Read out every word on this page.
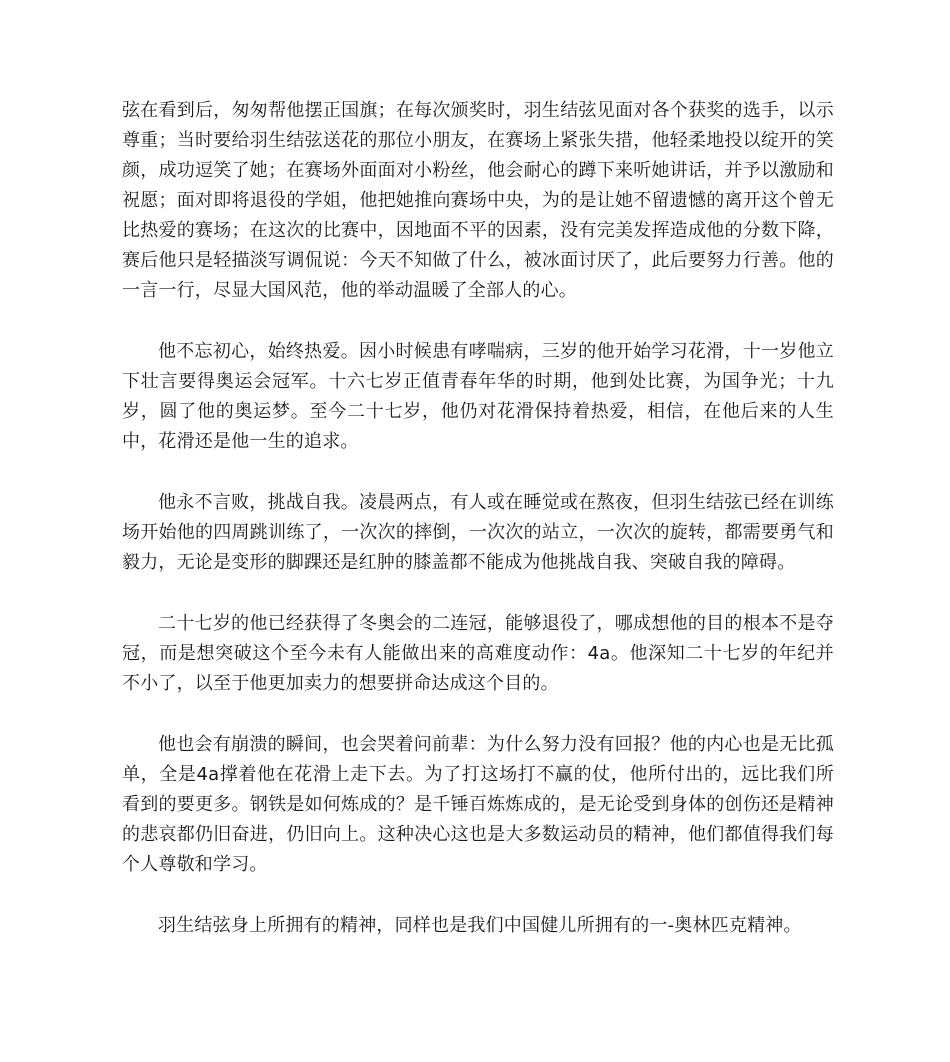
弦在看到后，匆匆帮他摆正国旗；在每次颁奖时，羽生结弦见面对各个获奖的选手，以示尊重；当时要给羽生结弦送花的那位小朋友，在赛场上紧张失措，他轻柔地投以绽开的笑颜，成功逗笑了她；在赛场外面面对小粉丝，他会耐心的蹲下来听她讲话，并予以激励和祝愿；面对即将退役的学姐，他把她推向赛场中央，为的是让她不留遗憾的离开这个曾无比热爱的赛场；在这次的比赛中，因地面不平的因素，没有完美发挥造成他的分数下降，赛后他只是轻描淡写调侃说：今天不知做了什么，被冰面讨厌了，此后要努力行善。他的一言一行，尽显大国风范，他的举动温暖了全部人的心。

他不忘初心，始终热爱。因小时候患有哮喘病，三岁的他开始学习花滑，十一岁他立下壮言要得奥运会冠军。十六七岁正值青春年华的时期，他到处比赛，为国争光；十九岁，圆了他的奥运梦。至今二十七岁，他仍对花滑保持着热爱，相信，在他后来的人生中，花滑还是他一生的追求。

他永不言败，挑战自我。凌晨两点，有人或在睡觉或在熬夜，但羽生结弦已经在训练场开始他的四周跳训练了，一次次的摔倒，一次次的站立，一次次的旋转，都需要勇气和毅力，无论是变形的脚踝还是红肿的膝盖都不能成为他挑战自我、突破自我的障碍。

二十七岁的他已经获得了冬奥会的二连冠，能够退役了，哪成想他的目的根本不是夺冠，而是想突破这个至今未有人能做出来的高难度动作：4a。他深知二十七岁的年纪并不小了，以至于他更加卖力的想要拼命达成这个目的。

他也会有崩溃的瞬间，也会哭着问前辈：为什么努力没有回报？他的内心也是无比孤单，全是4a撑着他在花滑上走下去。为了打这场打不赢的仗，他所付出的，远比我们所看到的要更多。钢铁是如何炼成的？是千锤百炼炼成的，是无论受到身体的创伤还是精神的悲哀都仍旧奋进，仍旧向上。这种决心这也是大多数运动员的精神，他们都值得我们每个人尊敬和学习。

羽生结弦身上所拥有的精神，同样也是我们中国健儿所拥有的一-奥林匹克精神。
